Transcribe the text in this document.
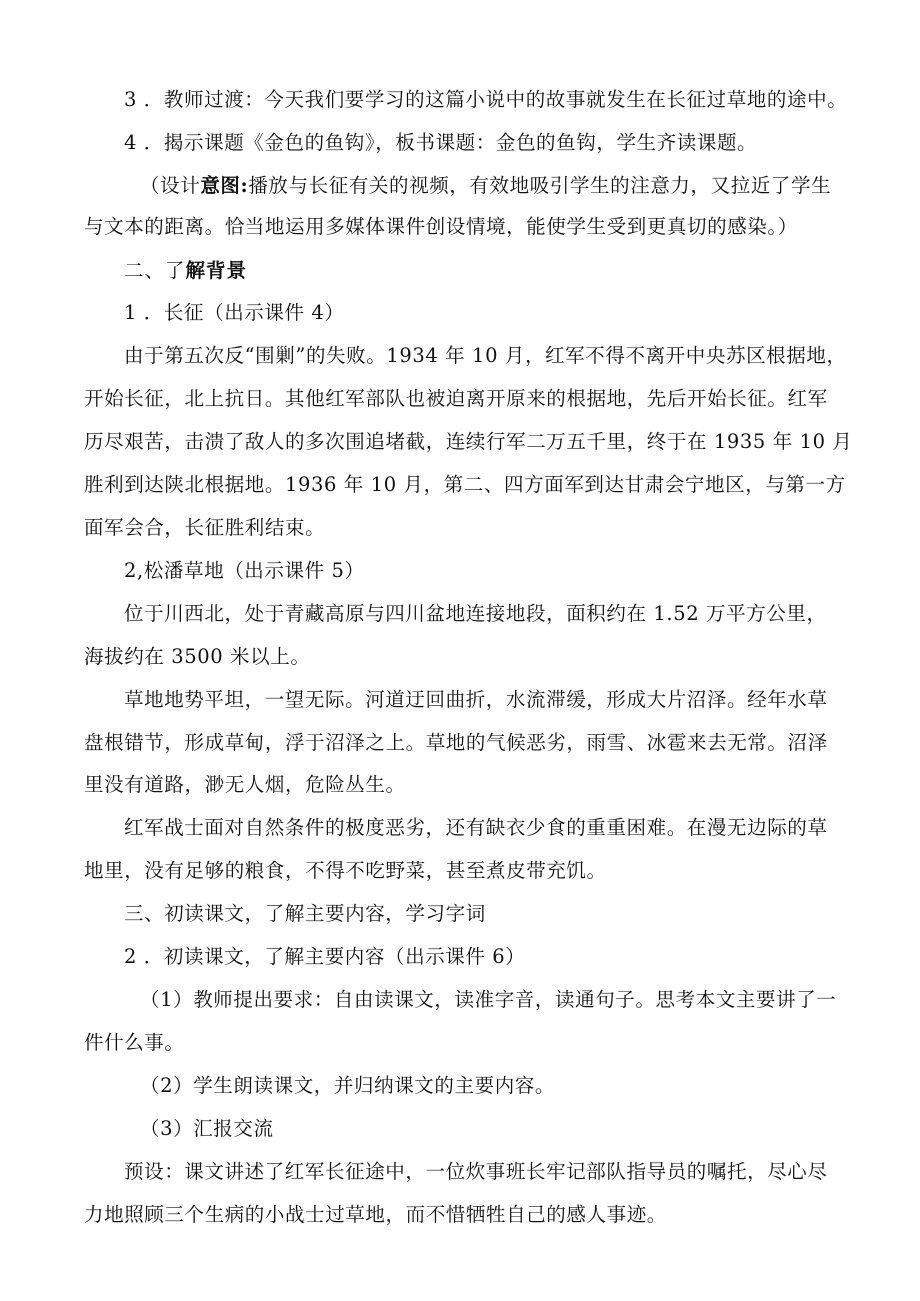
3 ．教师过渡：今天我们要学习的这篇小说中的故事就发生在长征过草地的途中。
4 ．揭示课题《金色的鱼钩》，板书课题：金色的鱼钩，学生齐读课题。
（设计意图:播放与长征有关的视频，有效地吸引学生的注意力，又拉近了学生
与文本的距离。恰当地运用多媒体课件创设情境，能使学生受到更真切的感染。）
二、了解背景
1 ．长征（出示课件 4）
由于第五次反“围剿”的失败。1934 年 10 月，红军不得不离开中央苏区根据地，
开始长征，北上抗日。其他红军部队也被迫离开原来的根据地，先后开始长征。红军
历尽艰苦，击溃了敌人的多次围追堵截，连续行军二万五千里，终于在 1935 年 10 月
胜利到达陕北根据地。1936 年 10 月，第二、四方面军到达甘肃会宁地区，与第一方
面军会合，长征胜利结束。
2,松潘草地（出示课件 5）
位于川西北，处于青藏高原与四川盆地连接地段，面积约在 1.52 万平方公里，
海拔约在 3500 米以上。
草地地势平坦，一望无际。河道迂回曲折，水流滞缓，形成大片沼泽。经年水草
盘根错节，形成草甸，浮于沼泽之上。草地的气候恶劣，雨雪、冰雹来去无常。沼泽
里没有道路，渺无人烟，危险丛生。
红军战士面对自然条件的极度恶劣，还有缺衣少食的重重困难。在漫无边际的草
地里，没有足够的粮食，不得不吃野菜，甚至煮皮带充饥。
三、初读课文，了解主要内容，学习字词
2 ．初读课文，了解主要内容（出示课件 6）
（1）教师提出要求：自由读课文，读准字音，读通句子。思考本文主要讲了一
件什么事。
（2）学生朗读课文，并归纳课文的主要内容。
（3）汇报交流
预设：课文讲述了红军长征途中，一位炊事班长牢记部队指导员的嘱托，尽心尽
力地照顾三个生病的小战士过草地，而不惜牺牲自己的感人事迹。
